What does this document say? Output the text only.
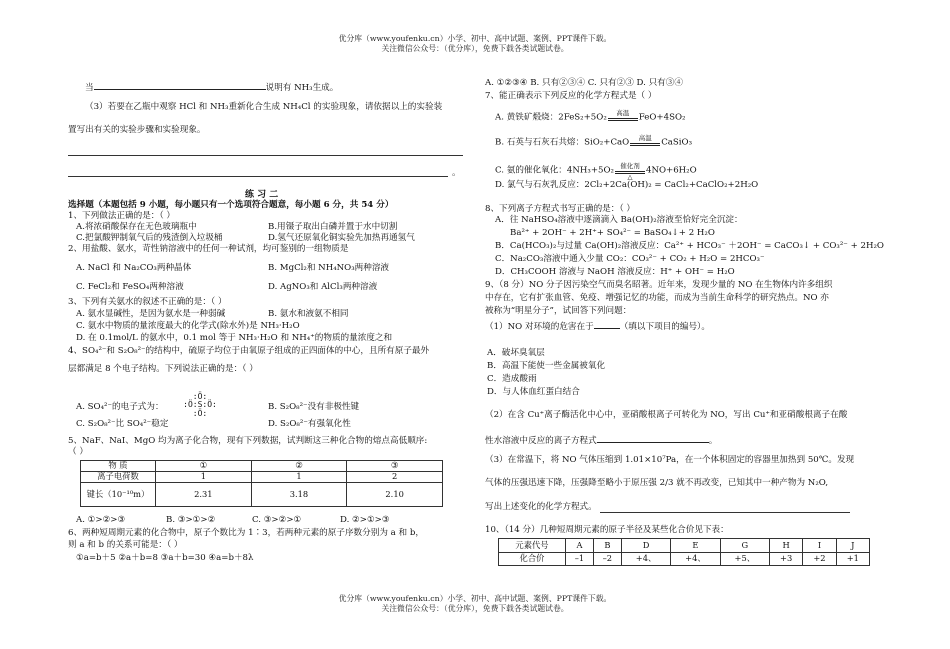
优分库（www.youfenku.cn）小学、初中、高中试题、案例、PPT课件下载。
关注微信公众号：（优分库），免费下载各类试题试卷。
当	说明有 NH₃生成。
（3）若要在乙瓶中观察 HCl 和 NH₃重新化合生成 NH₄Cl 的实验现象，请依据以上的实验装
置写出有关的实验步骤和实验现象。
。
练 习 二
选择题（本题包括 9 小题，每小题只有一个选项符合题意，每小题 6 分，共 54 分）
1、下列做法正确的是：（ ）
A.将浓硝酸保存在无色玻璃瓶中	B.用镊子取出白磷并置于水中切割
C.把氯酸钾制氧气后的残渣倒入垃圾桶	D.氢气还原氧化铜实验先加热再通氢气
2、用盐酸、氨水，苛性钠溶液中的任何一种试剂，均可鉴别的一组物质是
A. NaCl 和 Na₂CO₃两种晶体	B. MgCl₂和 NH₄NO₃两种溶液
C. FeCl₂和 FeSO₄两种溶液	D. AgNO₃和 AlCl₃两种溶液
3、下列有关氨水的叙述不正确的是：（ ）
A. 氨水显碱性，是因为氨水是一种弱碱	B. 氨水和液氨不相同
C. 氨水中物质的量浓度最大的化学式(除水外)是 NH₃·H₂O
D. 在 0.1mol/L 的氨水中，0.1 mol 等于 NH₃·H₂O 和 NH₄⁺的物质的量浓度之和
4、SO₄²⁻和 S₂O₈²⁻的结构中，硫原子均位于由氧原子组成的正四面体的中心，且所有原子最外
层都满足 8 个电子结构。下列说法正确的是：（ ）
:Ö:
:Ö:S:Ö:
:Ö:
A. SO₄²⁻的电子式为：	B. S₂O₈²⁻没有非极性键
C. S₂O₈²⁻比 SO₄²⁻稳定	D. S₂O₈²⁻有强氧化性
5、NaF、NaI、MgO 均为离子化合物，现有下列数据，试判断这三种化合物的熔点高低顺序:
（ ）
物 质	①	②	③
离子电荷数	1	1	2
键长（10⁻¹⁰m）	2.31	3.18	2.10
A. ①>②>③	B. ③>①>②	C. ③>②>①	D. ②>①>③
6、两种短周期元素的化合物中，原子个数比为 1∶3，若两种元素的原子序数分别为 a 和 b，
则 a 和 b 的关系可能是：（ ）
①a=b＋5 ②a＋b=8 ③a＋b=30 ④a=b＋8λ
A. ①②③④ B. 只有②③④ C. 只有②③ D. 只有③④
7、能正确表示下列反应的化学方程式是（ ）
A. 黄铁矿煅烧：2FeS₂+5O₂	高温	FeO+4SO₂
B. 石英与石灰石共熔：SiO₂+CaO	高温	CaSiO₃
C. 氨的催化氧化：4NH₃+5O₂ 催化剂
△
4NO+6H₂O
D. 氯气与石灰乳反应：2Cl₂+2Ca(OH)₂ = CaCl₂+CaClO₂+2H₂O
8、下列离子方程式书写正确的是：（ ）
A．往 NaHSO₄溶液中逐滴滴入 Ba(OH)₂溶液至恰好完全沉淀：
Ba²⁺ + 2OH⁻ + 2H⁺+ SO₄²⁻ = BaSO₄↓+ 2 H₂O
B．Ca(HCO₃)₂与过量 Ca(OH)₂溶液反应：Ca²⁺ + HCO₃⁻ ＋2OH⁻ = CaCO₃↓ + CO₃²⁻ + 2H₂O
C．Na₂CO₃溶液中通入少量 CO₂：CO₃²⁻ + CO₂ + H₂O = 2HCO₃⁻
D．CH₃COOH 溶液与 NaOH 溶液反应：H⁺ + OH⁻ = H₂O
9、（8 分）NO 分子因污染空气而臭名昭著。近年来，发现少量的 NO 在生物体内许多组织
中存在，它有扩张血管、免疫、增强记忆的功能，而成为当前生命科学的研究热点。NO 亦
被称为“明星分子”，试回答下列问题：
（1）NO 对环境的危害在于	（填以下项目的编号）。
A．破坏臭氧层
B．高温下能使一些金属被氧化
C．造成酸雨
D．与人体血红蛋白结合
（2）在含 Cu⁺离子酶活化中心中，亚硝酸根离子可转化为 NO，写出 Cu⁺和亚硝酸根离子在酸
性水溶液中反应的离子方程式	。
（3）在常温下，将 NO 气体压缩到 1.01×10⁷Pa，在一个体积固定的容器里加热到 50℃。发现
气体的压强迅速下降，压强降至略小于原压强 2/3 就不再改变，已知其中一种产物为 N₂O,
写出上述变化的化学方程式。
10、（14 分）几种短周期元素的原子半径及某些化合价见下表：
元素代号	A	B	D	E	G	H	I	J
化合价	–1	–2	+4、	+4、	+5、	+3	+2	+1
优分库（www.youfenku.cn）小学、初中、高中试题、案例、PPT课件下载。
关注微信公众号：（优分库），免费下载各类试题试卷。
